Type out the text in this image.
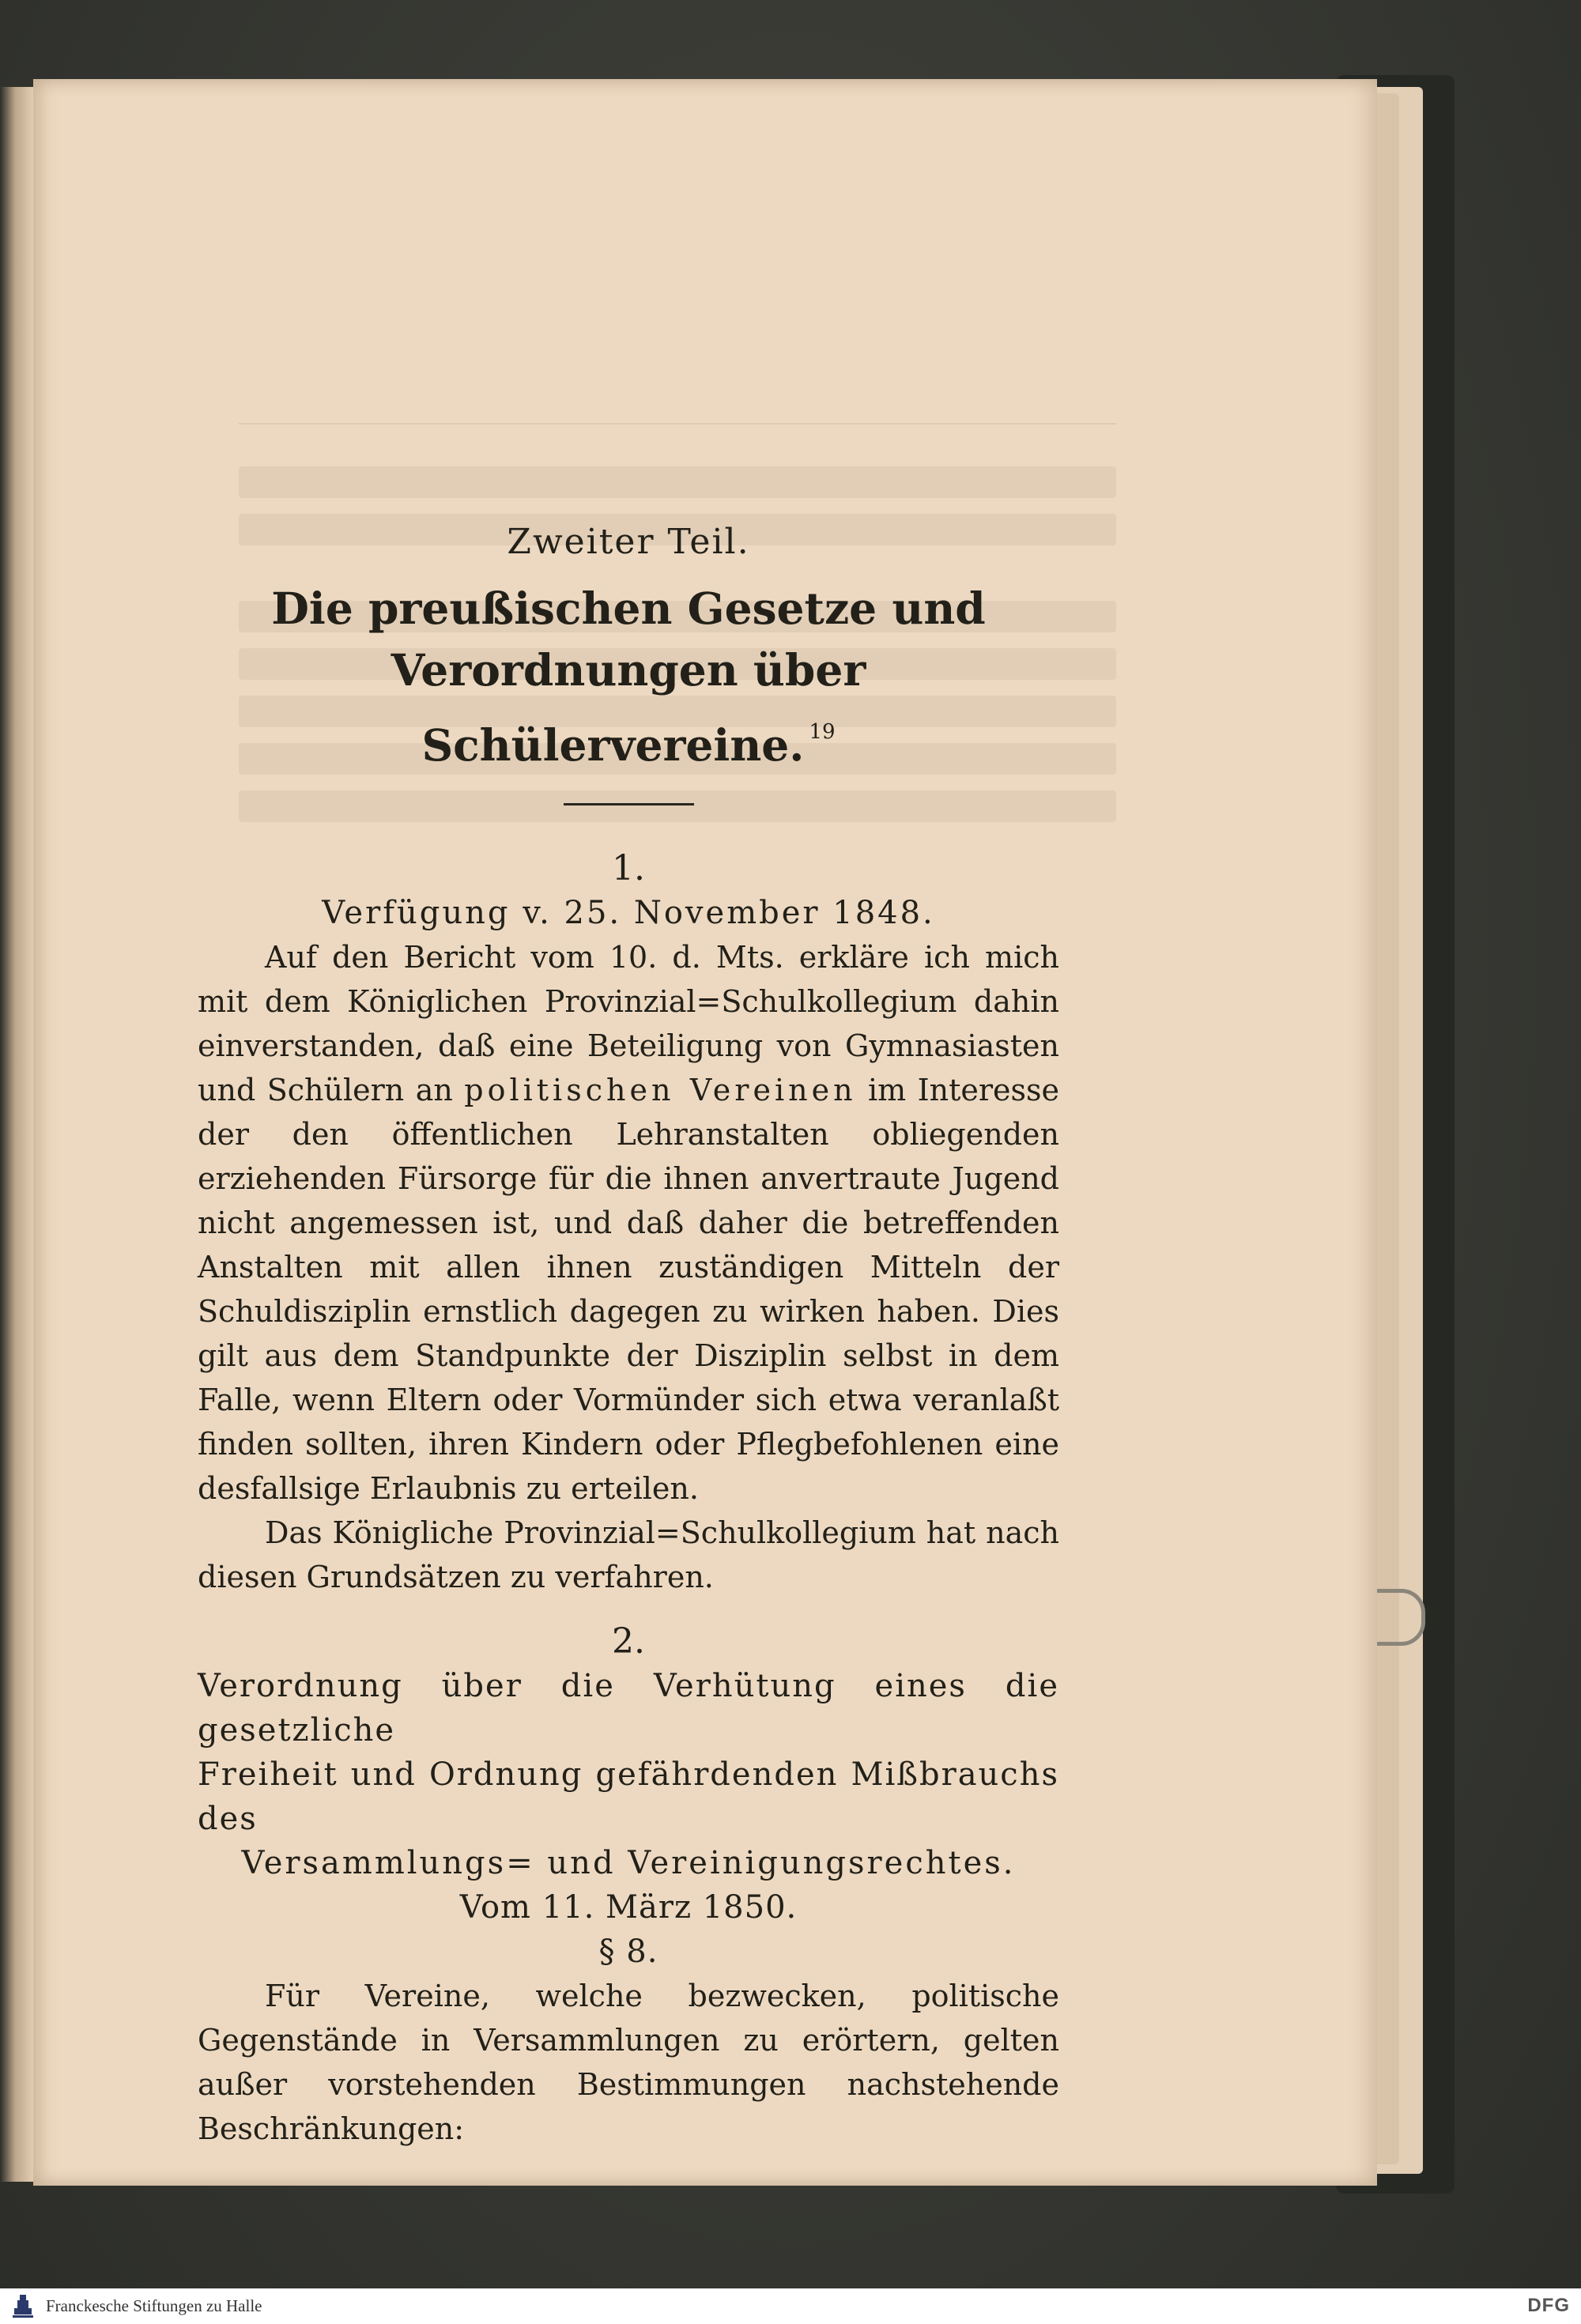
Zweiter Teil.

Die preußischen Gesetze und Verordnungen über
Schülervereine. $^{19}$

1.

Verfügung v. 25. November 1848.

Auf den Bericht vom 10. d. Mts. erkläre ich mich mit dem Königlichen Provinzial=Schulkollegium dahin einverstanden, daß eine Beteiligung von Gymnasiasten und Schülern an politischen Vereinen im Interesse der den öffentlichen Lehranstalten obliegenden erziehenden Fürsorge für die ihnen anvertraute Jugend nicht angemessen ist, und daß daher die betreffenden Anstalten mit allen ihnen zuständigen Mitteln der Schuldisziplin ernstlich dagegen zu wirken haben. Dies gilt aus dem Standpunkte der Disziplin selbst in dem Falle, wenn Eltern oder Vormünder sich etwa veranlaßt finden sollten, ihren Kindern oder Pflegbefohlenen eine desfallsige Erlaubnis zu erteilen.

Das Königliche Provinzial=Schulkollegium hat nach diesen Grundsätzen zu verfahren.

2.

Verordnung über die Verhütung eines die gesetzliche

Freiheit und Ordnung gefährdenden Mißbrauchs des

Versammlungs= und Vereinigungsrechtes.

Vom 11. März 1850.

§ 8.

Für Vereine, welche bezwecken, politische Gegenstände in Versammlungen zu erörtern, gelten außer vorstehenden Bestimmungen nachstehende Beschränkungen:

Franckesche Stiftungen zu Halle	DFG
